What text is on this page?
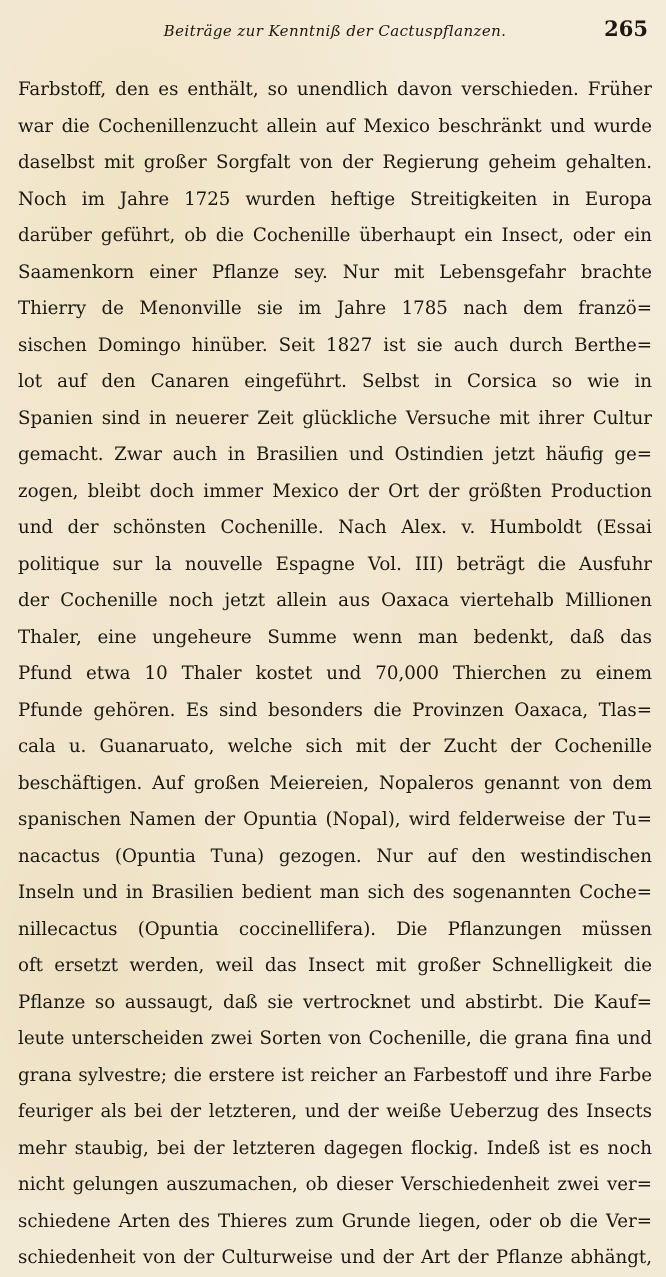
Beiträge zur Kenntniß der Cactuspflanzen.	265
Farbstoff, den es enthält, so unendlich davon verschieden. Früher
war die Cochenillenzucht allein auf Mexico beschränkt und wurde
daselbst mit großer Sorgfalt von der Regierung geheim gehalten.
Noch im Jahre 1725 wurden heftige Streitigkeiten in Europa
darüber geführt, ob die Cochenille überhaupt ein Insect, oder ein
Saamenkorn einer Pflanze sey. Nur mit Lebensgefahr brachte
Thierry de Menonville sie im Jahre 1785 nach dem franzö=
sischen Domingo hinüber. Seit 1827 ist sie auch durch Berthe=
lot auf den Canaren eingeführt. Selbst in Corsica so wie in
Spanien sind in neuerer Zeit glückliche Versuche mit ihrer Cultur
gemacht. Zwar auch in Brasilien und Ostindien jetzt häufig ge=
zogen, bleibt doch immer Mexico der Ort der größten Production
und der schönsten Cochenille. Nach Alex. v. Humboldt (Essai
politique sur la nouvelle Espagne Vol. III) beträgt die Ausfuhr
der Cochenille noch jetzt allein aus Oaxaca viertehalb Millionen
Thaler, eine ungeheure Summe wenn man bedenkt, daß das
Pfund etwa 10 Thaler kostet und 70,000 Thierchen zu einem
Pfunde gehören. Es sind besonders die Provinzen Oaxaca, Tlas=
cala u. Guanaruato, welche sich mit der Zucht der Cochenille
beschäftigen. Auf großen Meiereien, Nopaleros genannt von dem
spanischen Namen der Opuntia (Nopal), wird felderweise der Tu=
nacactus (Opuntia Tuna) gezogen. Nur auf den westindischen
Inseln und in Brasilien bedient man sich des sogenannten Coche=
nillecactus (Opuntia coccinellifera). Die Pflanzungen müssen
oft ersetzt werden, weil das Insect mit großer Schnelligkeit die
Pflanze so aussaugt, daß sie vertrocknet und abstirbt. Die Kauf=
leute unterscheiden zwei Sorten von Cochenille, die grana fina und
grana sylvestre; die erstere ist reicher an Farbestoff und ihre Farbe
feuriger als bei der letzteren, und der weiße Ueberzug des Insects
mehr staubig, bei der letzteren dagegen flockig. Indeß ist es noch
nicht gelungen auszumachen, ob dieser Verschiedenheit zwei ver=
schiedene Arten des Thieres zum Grunde liegen, oder ob die Ver=
schiedenheit von der Culturweise und der Art der Pflanze abhängt,
